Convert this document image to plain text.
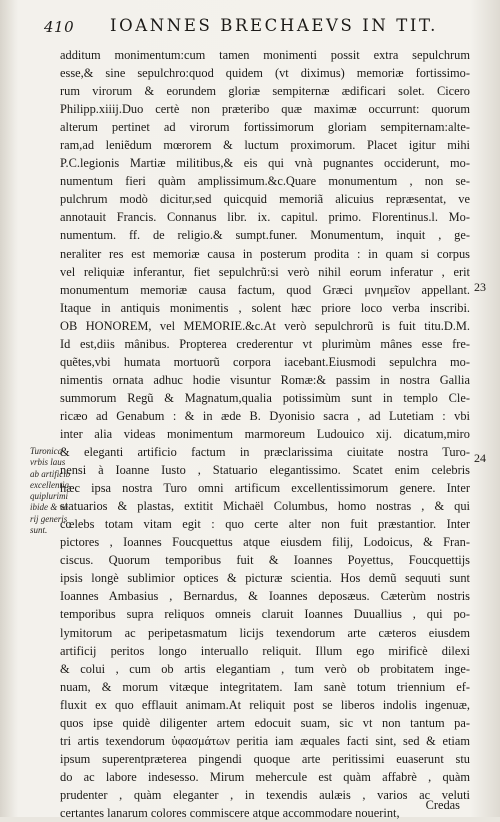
410 IOANNES BRECHAEVS IN TIT.
additum monimentum:cum tamen monimenti possit extra sepulchrum
esse,& sine sepulchro:quod quidem (vt diximus) memoriæ fortissimo-
rum virorum & eorundem gloriæ sempiternæ ædificari solet. Cicero
Philipp.xiiij.Duo certè non præteribo quæ maximæ occurrunt: quorum
alterum pertinet ad virorum fortissimorum gloriam sempiternam:alte-
ram,ad leniẽdum mœrorem & luctum proximorum. Placet igitur mihi
P.C.legionis Martiæ militibus,& eis qui vnà pugnantes occiderunt, mo-
numentum fieri quàm amplissimum.&c.Quare monumentum , non se-
pulchrum modò dicitur,sed quicquid memoriã alicuius repræsentat, ve
annotauit Francis. Connanus libr. ix. capitul. primo. Florentinus.l. Mo-
numentum. ff. de religio.& sumpt.funer. Monumentum, inquit , ge-
neraliter res est memoriæ causa in posterum prodita : in quam si corpus
vel reliquiæ inferantur, fiet sepulchrũ:si verò nihil eorum inferatur , erit
monumentum memoriæ causa factum, quod Græci μνημεῖον appellant.
Itaque in antiquis monimentis , solent hæc priore loco verba inscribi.
OB HONOREM, vel MEMORIE.&c.At verò sepulchrorũ is fuit titu.D.M.
Id est,diis mânibus. Propterea crederentur vt plurimùm mânes esse fre-
quẽtes,vbi humata mortuorũ corpora iacebant.Eiusmodi sepulchra mo-
nimentis ornata adhuc hodie visuntur Romæ:& passim in nostra Gallia
summorum Regũ & Magnatum,qualia potissimùm sunt in templo Cle-
ricæo ad Genabum : & in æde B. Dyonisio sacra , ad Lutetiam : vbi
inter alia videas monimentum marmoreum Ludouico xij. dicatum,miro
& eleganti artificio factum in præclarissima ciuitate nostra Turo-
nensi à Ioanne Iusto , Statuario elegantissimo. Scatet enim celebris
hæc ipsa nostra Turo omni artificum excellentissimorum genere. Inter
statuarios & plastas, extitit Michaël Columbus, homo nostras , & qui
cœlebs totam vitam egit : quo certe alter non fuit præstantior. Inter
pictores , Ioannes Foucquettus atque eiusdem filij, Lodoicus, & Fran-
ciscus. Quorum temporibus fuit & Ioannes Poyettus, Foucquettijs
ipsis longè sublimior optices & picturæ scientia. Hos demũ sequuti sunt
Ioannes Ambasius , Bernardus, & Ioannes deposæus. Cæterùm nostris
temporibus supra reliquos omneis claruit Ioannes Duuallius , qui po-
lymitorum ac peripetasmatum licijs texendorum arte cæteros eiusdem
artificij peritos longo interuallo reliquit. Illum ego mirificè dilexi
& colui , cum ob artis elegantiam , tum verò ob probitatem inge-
nuam, & morum vitæque integritatem. Iam sanè totum triennium ef-
fluxit ex quo efflauit animam.At reliquit post se liberos indolis ingenuæ,
quos ipse quidè diligenter artem edocuit suam, sic vt non tantum pa-
tri artis texendorum ὑφασμάτων peritia iam æquales facti sint, sed & etiam
ipsum superentpræterea pingendi quoque arte peritissimi euaserunt stu
do ac labore indesesso. Mirum mehercule est quàm affabrè , quàm
prudenter , quàm eleganter , in texendis aulæis , varios ac veluti
certantes lanarum colores commiscere atque accommodare nouerint,
23
24
Turonica
vrbis laus
ab artificib
excellentia,
quiplurimi
ibide & va
rij generis
sunt.
Credas
